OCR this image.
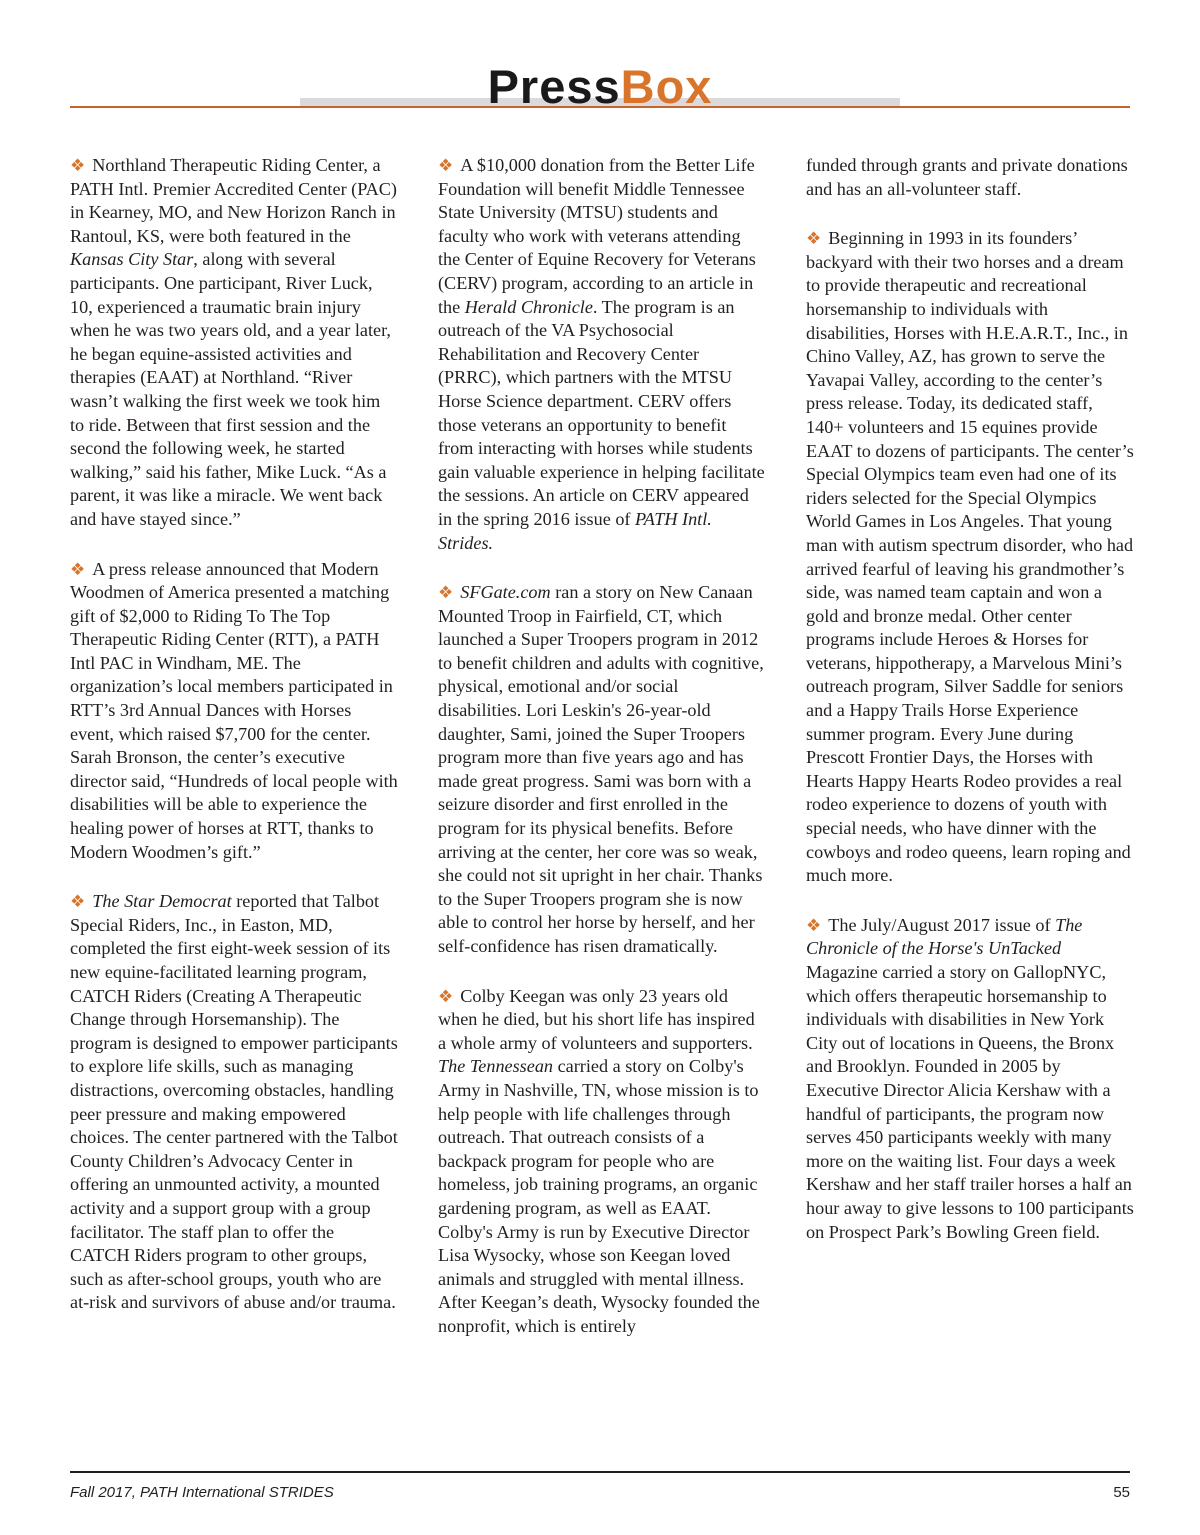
PressBox

❖ Northland Therapeutic Riding Center, a PATH Intl. Premier Accredited Center (PAC) in Kearney, MO, and New Horizon Ranch in Rantoul, KS, were both featured in the Kansas City Star, along with several participants. One participant, River Luck, 10, experienced a traumatic brain injury when he was two years old, and a year later, he began equine-assisted activities and therapies (EAAT) at Northland. “River wasn’t walking the first week we took him to ride. Between that first session and the second the following week, he started walking,” said his father, Mike Luck. “As a parent, it was like a miracle. We went back and have stayed since.”

❖ A press release announced that Modern Woodmen of America presented a matching gift of $2,000 to Riding To The Top Therapeutic Riding Center (RTT), a PATH Intl PAC in Windham, ME. The organization’s local members participated in RTT’s 3rd Annual Dances with Horses event, which raised $7,700 for the center. Sarah Bronson, the center’s executive director said, “Hundreds of local people with disabilities will be able to experience the healing power of horses at RTT, thanks to Modern Woodmen’s gift.”

❖ The Star Democrat reported that Talbot Special Riders, Inc., in Easton, MD, completed the first eight-week session of its new equine-facilitated learning program, CATCH Riders (Creating A Therapeutic Change through Horsemanship). The program is designed to empower participants to explore life skills, such as managing distractions, overcoming obstacles, handling peer pressure and making empowered choices. The center partnered with the Talbot County Children’s Advocacy Center in offering an unmounted activity, a mounted activity and a support group with a group facilitator. The staff plan to offer the CATCH Riders program to other groups, such as after-school groups, youth who are at-risk and survivors of abuse and/or trauma.

❖ A $10,000 donation from the Better Life Foundation will benefit Middle Tennessee State University (MTSU) students and faculty who work with veterans attending the Center of Equine Recovery for Veterans (CERV) program, according to an article in the Herald Chronicle. The program is an outreach of the VA Psychosocial Rehabilitation and Recovery Center (PRRC), which partners with the MTSU Horse Science department. CERV offers those veterans an opportunity to benefit from interacting with horses while students gain valuable experience in helping facilitate the sessions. An article on CERV appeared in the spring 2016 issue of PATH Intl. Strides.

❖ SFGate.com ran a story on New Canaan Mounted Troop in Fairfield, CT, which launched a Super Troopers program in 2012 to benefit children and adults with cognitive, physical, emotional and/or social disabilities. Lori Leskin's 26-year-old daughter, Sami, joined the Super Troopers program more than five years ago and has made great progress. Sami was born with a seizure disorder and first enrolled in the program for its physical benefits. Before arriving at the center, her core was so weak, she could not sit upright in her chair. Thanks to the Super Troopers program she is now able to control her horse by herself, and her self-confidence has risen dramatically.

❖ Colby Keegan was only 23 years old when he died, but his short life has inspired a whole army of volunteers and supporters. The Tennessean carried a story on Colby's Army in Nashville, TN, whose mission is to help people with life challenges through outreach. That outreach consists of a backpack program for people who are homeless, job training programs, an organic gardening program, as well as EAAT. Colby's Army is run by Executive Director Lisa Wysocky, whose son Keegan loved animals and struggled with mental illness. After Keegan’s death, Wysocky founded the nonprofit, which is entirely

funded through grants and private donations and has an all-volunteer staff.

❖ Beginning in 1993 in its founders’ backyard with their two horses and a dream to provide therapeutic and recreational horsemanship to individuals with disabilities, Horses with H.E.A.R.T., Inc., in Chino Valley, AZ, has grown to serve the Yavapai Valley, according to the center’s press release. Today, its dedicated staff, 140+ volunteers and 15 equines provide EAAT to dozens of participants. The center’s Special Olympics team even had one of its riders selected for the Special Olympics World Games in Los Angeles. That young man with autism spectrum disorder, who had arrived fearful of leaving his grandmother’s side, was named team captain and won a gold and bronze medal. Other center programs include Heroes & Horses for veterans, hippotherapy, a Marvelous Mini’s outreach program, Silver Saddle for seniors and a Happy Trails Horse Experience summer program. Every June during Prescott Frontier Days, the Horses with Hearts Happy Hearts Rodeo provides a real rodeo experience to dozens of youth with special needs, who have dinner with the cowboys and rodeo queens, learn roping and much more.

❖ The July/August 2017 issue of The Chronicle of the Horse's UnTacked Magazine carried a story on GallopNYC, which offers therapeutic horsemanship to individuals with disabilities in New York City out of locations in Queens, the Bronx and Brooklyn. Founded in 2005 by Executive Director Alicia Kershaw with a handful of participants, the program now serves 450 participants weekly with many more on the waiting list. Four days a week Kershaw and her staff trailer horses a half an hour away to give lessons to 100 participants on Prospect Park’s Bowling Green field.

Fall 2017, PATH International STRIDES	55
